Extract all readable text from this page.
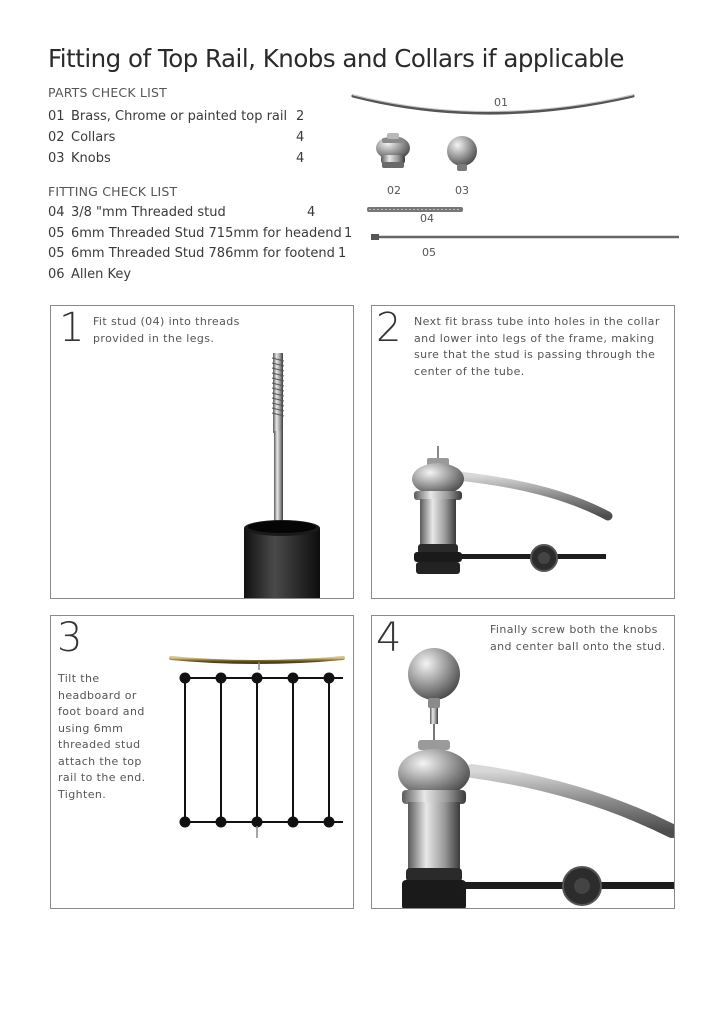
Fitting of Top Rail, Knobs and Collars if applicable
PARTS CHECK LIST
01 Brass, Chrome or painted top rail 2
02 Collars	4
03 Knobs	4
FITTING CHECK LIST
04 3/8 "mm Threaded stud	4
05 6mm Threaded Stud 715mm for headend 1
05 6mm Threaded Stud 786mm for footend 1
06 Allen Key
01
02	03
04
05
1 Fit stud (04) into threads provided in the legs.	2 Next fit brass tube into holes in the collar and lower into legs of the frame, making sure that the stud is passing through the center of the tube.
3
Tilt the headboard or foot board and using 6mm threaded stud attach the top rail to the end. Tighten.
4	Finally screw both the knobs and center ball onto the stud.
